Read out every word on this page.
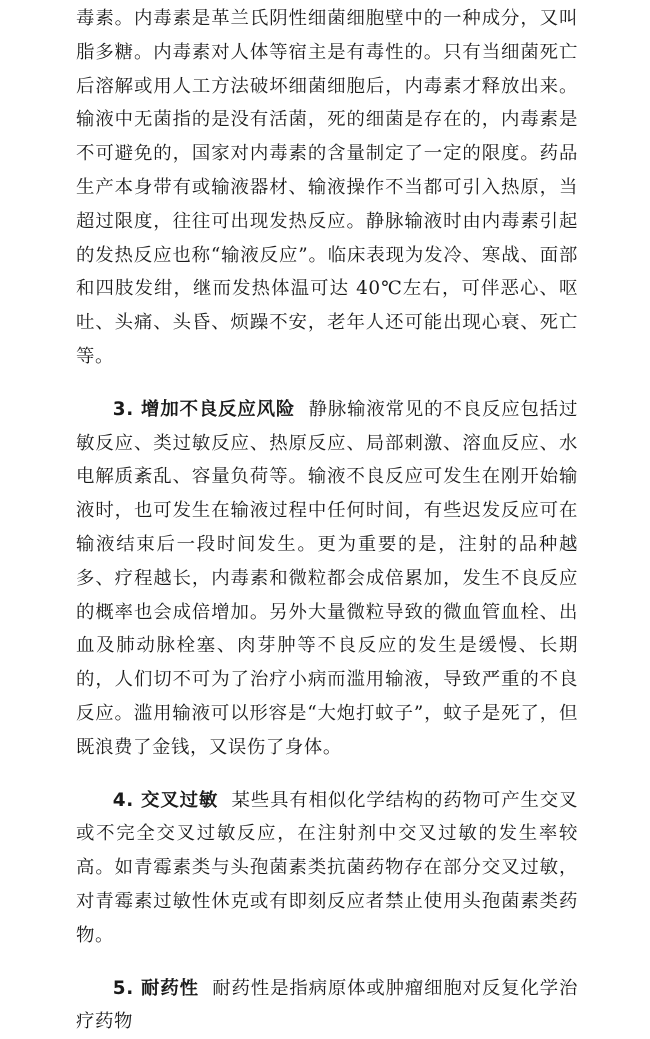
毒素。内毒素是革兰氏阴性细菌细胞壁中的一种成分，又叫脂多糖。内毒素对人体等宿主是有毒性的。只有当细菌死亡后溶解或用人工方法破坏细菌细胞后，内毒素才释放出来。输液中无菌指的是没有活菌，死的细菌是存在的，内毒素是不可避免的，国家对内毒素的含量制定了一定的限度。药品生产本身带有或输液器材、输液操作不当都可引入热原，当超过限度，往往可出现发热反应。静脉输液时由内毒素引起的发热反应也称“输液反应”。临床表现为发冷、寒战、面部和四肢发绀，继而发热体温可达 40℃左右，可伴恶心、呕吐、头痛、头昏、烦躁不安，老年人还可能出现心衰、死亡等。

3. 增加不良反应风险 静脉输液常见的不良反应包括过敏反应、类过敏反应、热原反应、局部刺激、溶血反应、水电解质紊乱、容量负荷等。输液不良反应可发生在刚开始输液时，也可发生在输液过程中任何时间，有些迟发反应可在输液结束后一段时间发生。更为重要的是，注射的品种越多、疗程越长，内毒素和微粒都会成倍累加，发生不良反应的概率也会成倍增加。另外大量微粒导致的微血管血栓、出血及肺动脉栓塞、肉芽肿等不良反应的发生是缓慢、长期的，人们切不可为了治疗小病而滥用输液，导致严重的不良反应。滥用输液可以形容是“大炮打蚊子”，蚊子是死了，但既浪费了金钱，又误伤了身体。

4. 交叉过敏 某些具有相似化学结构的药物可产生交叉或不完全交叉过敏反应，在注射剂中交叉过敏的发生率较高。如青霉素类与头孢菌素类抗菌药物存在部分交叉过敏，对青霉素过敏性休克或有即刻反应者禁止使用头孢菌素类药物。

5. 耐药性 耐药性是指病原体或肿瘤细胞对反复化学治疗药物
